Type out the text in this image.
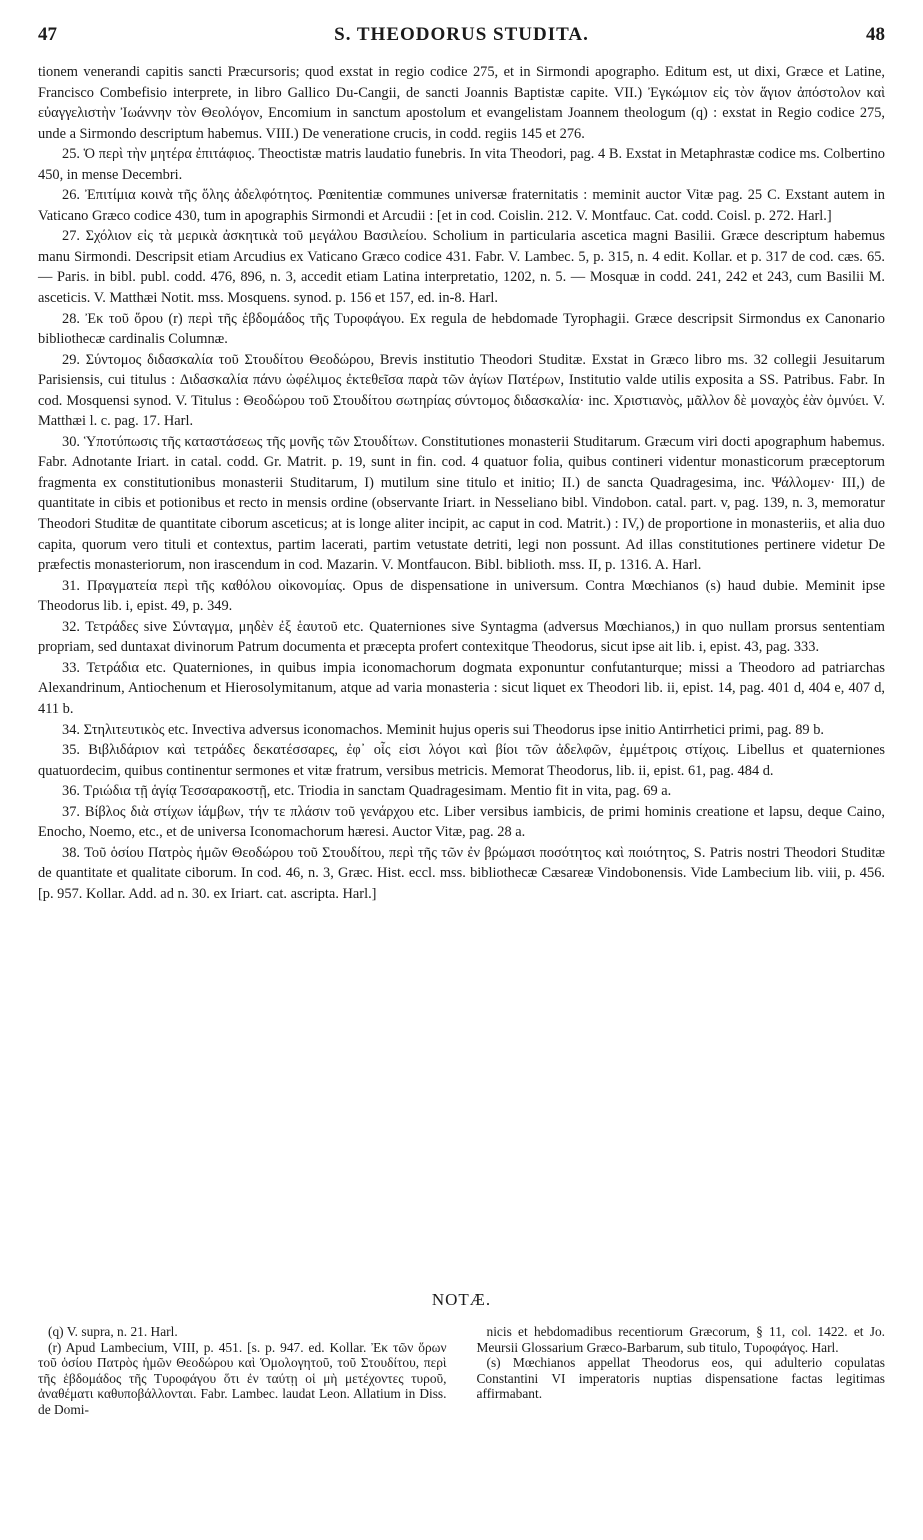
47	S. THEODORUS STUDITA.	48

tionem venerandi capitis sancti Præcursoris; quod exstat in regio codice 275, et in Sirmondi apographo. Editum est, ut dixi, Græce et Latine, Francisco Combefisio interprete, in libro Gallico Du-Cangii, de sancti Joannis Baptistæ capite. VII.) Ἐγκώμιον εἰς τὸν ἅγιον ἀπόστολον καὶ εὐαγγελιστὴν Ἰωάννην τὸν Θεολόγον, Encomium in sanctum apostolum et evangelistam Joannem theologum (q) : exstat in Regio codice 275, unde a Sirmondo descriptum habemus. VIII.) De veneratione crucis, in codd. regiis 145 et 276.

25. Ὁ περὶ τὴν μητέρα ἐπιτάφιος. Theoctistæ matris laudatio funebris. In vita Theodori, pag. 4 B. Exstat in Metaphrastæ codice ms. Colbertino 450, in mense Decembri.

26. Ἐπιτίμια κοινὰ τῆς ὅλης ἀδελφότητος. Pœnitentiæ communes universæ fraternitatis : meminit auctor Vitæ pag. 25 C. Exstant autem in Vaticano Græco codice 430, tum in apographis Sirmondi et Arcudii : [et in cod. Coislin. 212. V. Montfauc. Cat. codd. Coisl. p. 272. Harl.]

27. Σχόλιον εἰς τὰ μερικὰ ἀσκητικὰ τοῦ μεγάλου Βασιλείου. Scholium in particularia ascetica magni Basilii. Græce descriptum habemus manu Sirmondi. Descripsit etiam Arcudius ex Vaticano Græco codice 431. Fabr. V. Lambec. 5, p. 315, n. 4 edit. Kollar. et p. 317 de cod. cæs. 65. — Paris. in bibl. publ. codd. 476, 896, n. 3, accedit etiam Latina interpretatio, 1202, n. 5. — Mosquæ in codd. 241, 242 et 243, cum Basilii M. asceticis. V. Matthæi Notit. mss. Mosquens. synod. p. 156 et 157, ed. in-8. Harl.

28. Ἐκ τοῦ ὅρου (r) περὶ τῆς ἑβδομάδος τῆς Τυροφάγου. Ex regula de hebdomade Tyrophagii. Græce descripsit Sirmondus ex Canonario bibliothecæ cardinalis Columnæ.

29. Σύντομος διδασκαλία τοῦ Στουδίτου Θεοδώρου, Brevis institutio Theodori Studitæ. Exstat in Græco libro ms. 32 collegii Jesuitarum Parisiensis, cui titulus : Διδασκαλία πάνυ ὠφέλιμος ἐκτεθεῖσα παρὰ τῶν ἁγίων Πατέρων, Institutio valde utilis exposita a SS. Patribus. Fabr. In cod. Mosquensi synod. V. Titulus : Θεοδώρου τοῦ Στουδίτου σωτηρίας σύντομος διδασκαλία· inc. Χριστιανὸς, μᾶλλον δὲ μοναχὸς ἐὰν ὀμνύει. V. Matthæi l. c. pag. 17. Harl.

30. Ὑποτύπωσις τῆς καταστάσεως τῆς μονῆς τῶν Στουδίτων. Constitutiones monasterii Studitarum. Græcum viri docti apographum habemus. Fabr. Adnotante Iriart. in catal. codd. Gr. Matrit. p. 19, sunt in fin. cod. 4 quatuor folia, quibus contineri videntur monasticorum præceptorum fragmenta ex constitutionibus monasterii Studitarum, I) mutilum sine titulo et initio; II.) de sancta Quadragesima, inc. Ψάλλομεν· III,) de quantitate in cibis et potionibus et recto in mensis ordine (observante Iriart. in Nesseliano bibl. Vindobon. catal. part. v, pag. 139, n. 3, memoratur Theodori Studitæ de quantitate ciborum asceticus; at is longe aliter incipit, ac caput in cod. Matrit.) : IV,) de proportione in monasteriis, et alia duo capita, quorum vero tituli et contextus, partim lacerati, partim vetustate detriti, legi non possunt. Ad illas constitutiones pertinere videtur De præfectis monasteriorum, non irascendum in cod. Mazarin. V. Montfaucon. Bibl. biblioth. mss. II, p. 1316. A. Harl.

31. Πραγματεία περὶ τῆς καθόλου οἰκονομίας. Opus de dispensatione in universum. Contra Mœchianos (s) haud dubie. Meminit ipse Theodorus lib. i, epist. 49, p. 349.

32. Τετράδες sive Σύνταγμα, μηδὲν ἐξ ἑαυτοῦ etc. Quaterniones sive Syntagma (adversus Mœchianos,) in quo nullam prorsus sententiam propriam, sed duntaxat divinorum Patrum documenta et præcepta profert contexitque Theodorus, sicut ipse ait lib. i, epist. 43, pag. 333.

33. Τετράδια etc. Quaterniones, in quibus impia iconomachorum dogmata exponuntur confutanturque; missi a Theodoro ad patriarchas Alexandrinum, Antiochenum et Hierosolymitanum, atque ad varia monasteria : sicut liquet ex Theodori lib. ii, epist. 14, pag. 401 d, 404 e, 407 d, 411 b.

34. Στηλιτευτικὸς etc. Invectiva adversus iconomachos. Meminit hujus operis sui Theodorus ipse initio Antirrhetici primi, pag. 89 b.

35. Βιβλιδάριον καὶ τετράδες δεκατέσσαρες, ἐφ᾽ οἷς εἰσι λόγοι καὶ βίοι τῶν ἀδελφῶν, ἐμμέτροις στίχοις. Libellus et quaterniones quatuordecim, quibus continentur sermones et vitæ fratrum, versibus metricis. Memorat Theodorus, lib. ii, epist. 61, pag. 484 d.

36. Τριώδια τῇ ἁγίᾳ Τεσσαρακοστῇ, etc. Triodia in sanctam Quadragesimam. Mentio fit in vita, pag. 69 a.

37. Βίβλος διὰ στίχων ἰάμβων, τήν τε πλάσιν τοῦ γενάρχου etc. Liber versibus iambicis, de primi hominis creatione et lapsu, deque Caino, Enocho, Noemo, etc., et de universa Iconomachorum hæresi. Auctor Vitæ, pag. 28 a.

38. Τοῦ ὁσίου Πατρὸς ἡμῶν Θεοδώρου τοῦ Στουδίτου, περὶ τῆς τῶν ἐν βρώμασι ποσότητος καὶ ποιότητος, S. Patris nostri Theodori Studitæ de quantitate et qualitate ciborum. In cod. 46, n. 3, Græc. Hist. eccl. mss. bibliothecæ Cæsareæ Vindobonensis. Vide Lambecium lib. viii, p. 456. [p. 957. Kollar. Add. ad n. 30. ex Iriart. cat. ascripta. Harl.]

NOTÆ.

(q) V. supra, n. 21. Harl.

(r) Apud Lambecium, VIII, p. 451. [s. p. 947. ed. Kollar. Ἐκ τῶν ὅρων τοῦ ὁσίου Πατρὸς ἡμῶν Θεοδώρου καὶ Ὁμολογητοῦ, τοῦ Στουδίτου, περὶ τῆς ἑβδομάδος τῆς Τυροφάγου ὅτι ἐν ταύτῃ οἱ μὴ μετέχοντες τυροῦ, ἀναθέματι καθυποβάλλονται. Fabr. Lambec. laudat Leon. Allatium in Diss. de Domi-

nicis et hebdomadibus recentiorum Græcorum, § 11, col. 1422. et Jo. Meursii Glossarium Græco-Barbarum, sub titulo, Τυροφάγος. Harl.

(s) Mœchianos appellat Theodorus eos, qui adulterio copulatas Constantini VI imperatoris nuptias dispensatione factas legitimas affirmabant.
